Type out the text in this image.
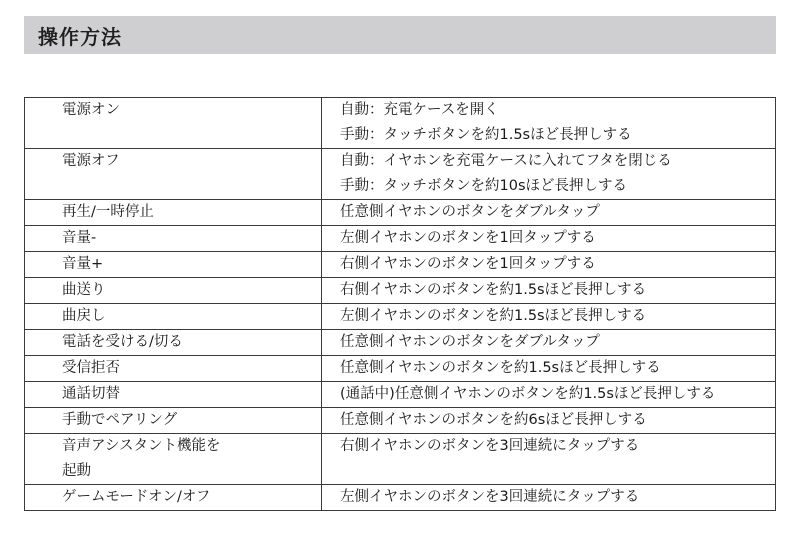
操作方法
電源オン	自動：充電ケースを開く
手動：タッチボタンを約1.5sほど長押しする

電源オフ	自動：イヤホンを充電ケースに入れてフタを閉じる
手動：タッチボタンを約10sほど長押しする

再生/一時停止	任意側イヤホンのボタンをダブルタップ

音量-	左側イヤホンのボタンを1回タップする

音量+	右側イヤホンのボタンを1回タップする

曲送り	右側イヤホンのボタンを約1.5sほど長押しする

曲戻し	左側イヤホンのボタンを約1.5sほど長押しする

電話を受ける/切る	任意側イヤホンのボタンをダブルタップ

受信拒否	任意側イヤホンのボタンを約1.5sほど長押しする

通話切替	(通話中)任意側イヤホンのボタンを約1.5sほど長押しする

手動でペアリング	任意側イヤホンのボタンを約6sほど長押しする

音声アシスタント機能を
起動	右側イヤホンのボタンを3回連続にタップする

ゲームモードオン/オフ	左側イヤホンのボタンを3回連続にタップする
